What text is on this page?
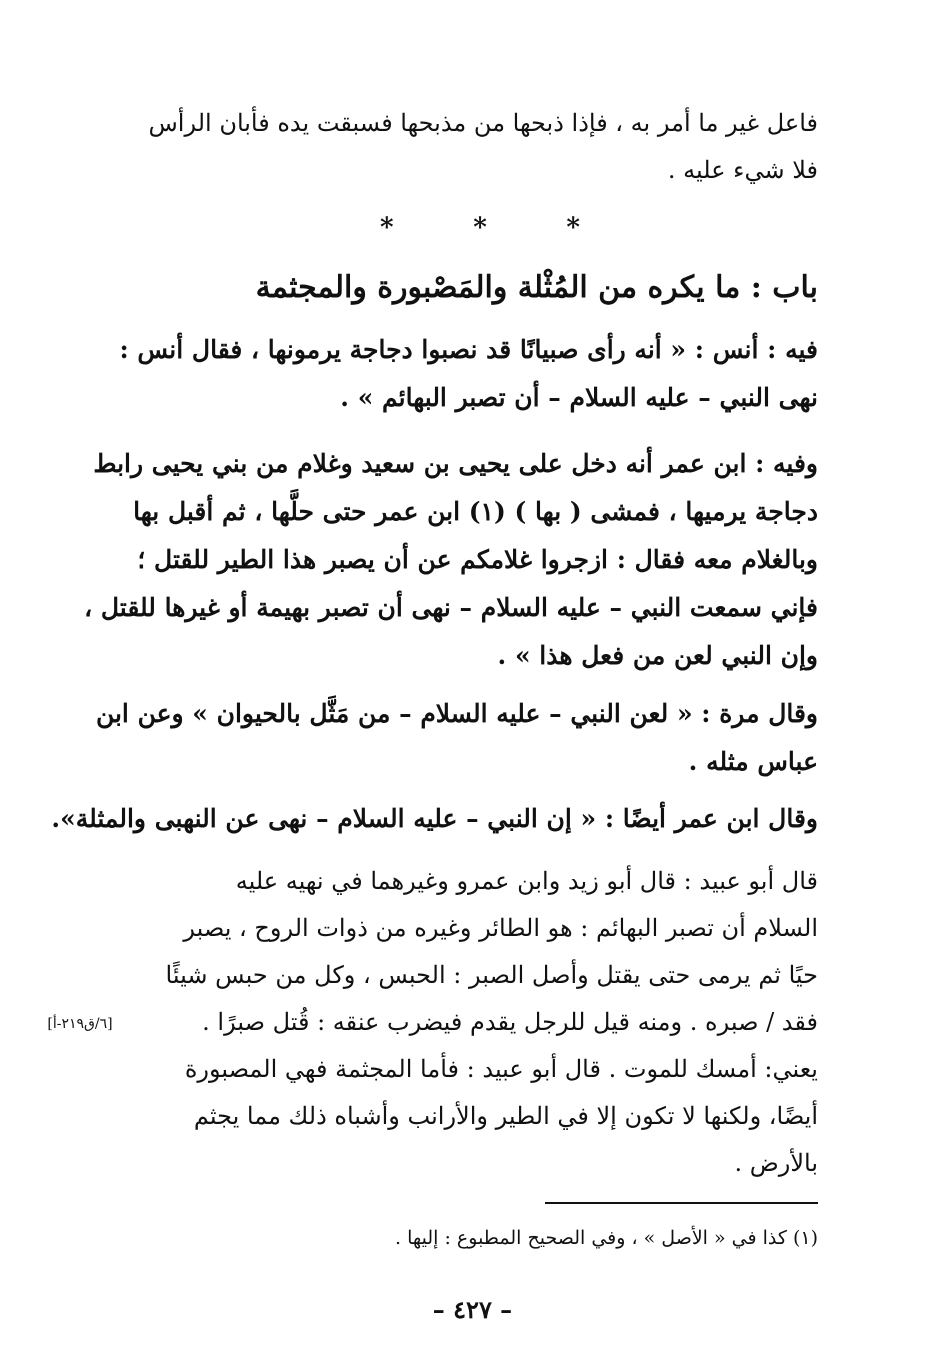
فاعل غير ما أمر به ، فإذا ذبحها من مذبحها فسبقت يده فأبان الرأس
فلا شيء عليه .
*	*	*
باب : ما يكره من المُثْلة والمَصْبورة والمجثمة
فيه : أنس : « أنه رأى صبيانًا قد نصبوا دجاجة يرمونها ، فقال أنس :
نهى النبي – عليه السلام – أن تصبر البهائم » .
وفيه : ابن عمر أنه دخل على يحيى بن سعيد وغلام من بني يحيى رابط
دجاجة يرميها ، فمشى ( بها ) (١) ابن عمر حتى حلَّها ، ثم أقبل بها
وبالغلام معه فقال : ازجروا غلامكم عن أن يصبر هذا الطير للقتل ؛
فإني سمعت النبي – عليه السلام – نهى أن تصبر بهيمة أو غيرها للقتل ،
وإن النبي لعن من فعل هذا » .
وقال مرة : « لعن النبي – عليه السلام – من مَثَّل بالحيوان » وعن ابن
عباس مثله .
وقال ابن عمر أيضًا : « إن النبي – عليه السلام – نهى عن النهبى والمثلة».
قال أبو عبيد : قال أبو زيد وابن عمرو وغيرهما في نهيه عليه
السلام أن تصبر البهائم : هو الطائر وغيره من ذوات الروح ، يصبر
حيًا ثم يرمى حتى يقتل وأصل الصبر : الحبس ، وكل من حبس شيئًا
فقد / صبره . ومنه قيل للرجل يقدم فيضرب عنقه : قُتل صبرًا .
يعني: أمسك للموت . قال أبو عبيد : فأما المجثمة فهي المصبورة
أيضًا، ولكنها لا تكون إلا في الطير والأرانب وأشباه ذلك مما يجثم
بالأرض .
[٦/ق٢١٩-أ]
(١) كذا في « الأصل » ، وفي الصحيح المطبوع : إليها .
– ٤٢٧ –
